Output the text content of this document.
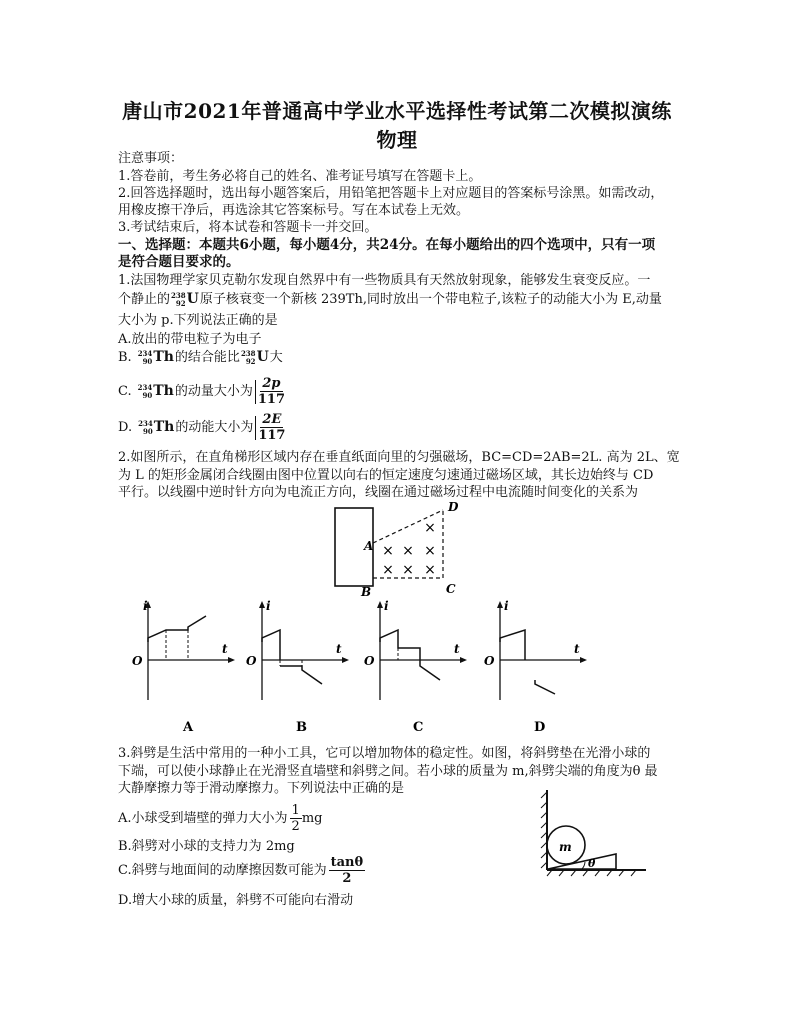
唐山市2021年普通高中学业水平选择性考试第二次模拟演练
物理
注意事项：
1.答卷前，考生务必将自己的姓名、准考证号填写在答题卡上。
2.回答选择题时，选出每小题答案后，用铅笔把答题卡上对应题目的答案标号涂黑。如需改动，
用橡皮擦干净后，再选涂其它答案标号。写在本试卷上无效。
3.考试结束后，将本试卷和答题卡一并交回。
一、选择题：本题共6小题，每小题4分，共24分。在每小题给出的四个选项中，只有一项
是符合题目要求的。
1.法国物理学家贝克勒尔发现自然界中有一些物质具有天然放射现象，能够发生衰变反应。一
个静止的 238
92 U 原子核衰变一个新核 239Th,同时放出一个带电粒子,该粒子的动能大小为 E,动量
大小为 p.下列说法正确的是
A.放出的带电粒子为电子
B. 234
90 Th 的结合能比 238
92 U 大
C. 234
90 Th 的动量大小为 $\frac{2p}{117}$
D. 234
90 Th 的动能大小为 $\frac{2E}{117}$
2.如图所示，在直角梯形区域内存在垂直纸面向里的匀强磁场，BC=CD=2AB=2L. 高为 2L、宽
为 L 的矩形金属闭合线圈由图中位置以向右的恒定速度匀速通过磁场区域，其长边始终与 CD
平行。以线圈中逆时针方向为电流正方向，线圈在通过磁场过程中电流随时间变化的关系为
A
B	C
D
×
× × ×
× × ×
i
t
O
A
i
t
O
B
i
t
O
C
i
t
O
D
3.斜劈是生活中常用的一种小工具，它可以增加物体的稳定性。如图，将斜劈垫在光滑小球的
下端，可以使小球静止在光滑竖直墙壁和斜劈之间。若小球的质量为 m,斜劈尖端的角度为θ 最
大静摩擦力等于滑动摩擦力。下列说法中正确的是
A.小球受到墙壁的弹力大小为 $\frac{1}{2}$ mg
B.斜劈对小球的支持力为 2mg
C.斜劈与地面间的动摩擦因数可能为 $\frac{\tan\theta}{2}$
D.增大小球的质量，斜劈不可能向右滑动
m
θ
